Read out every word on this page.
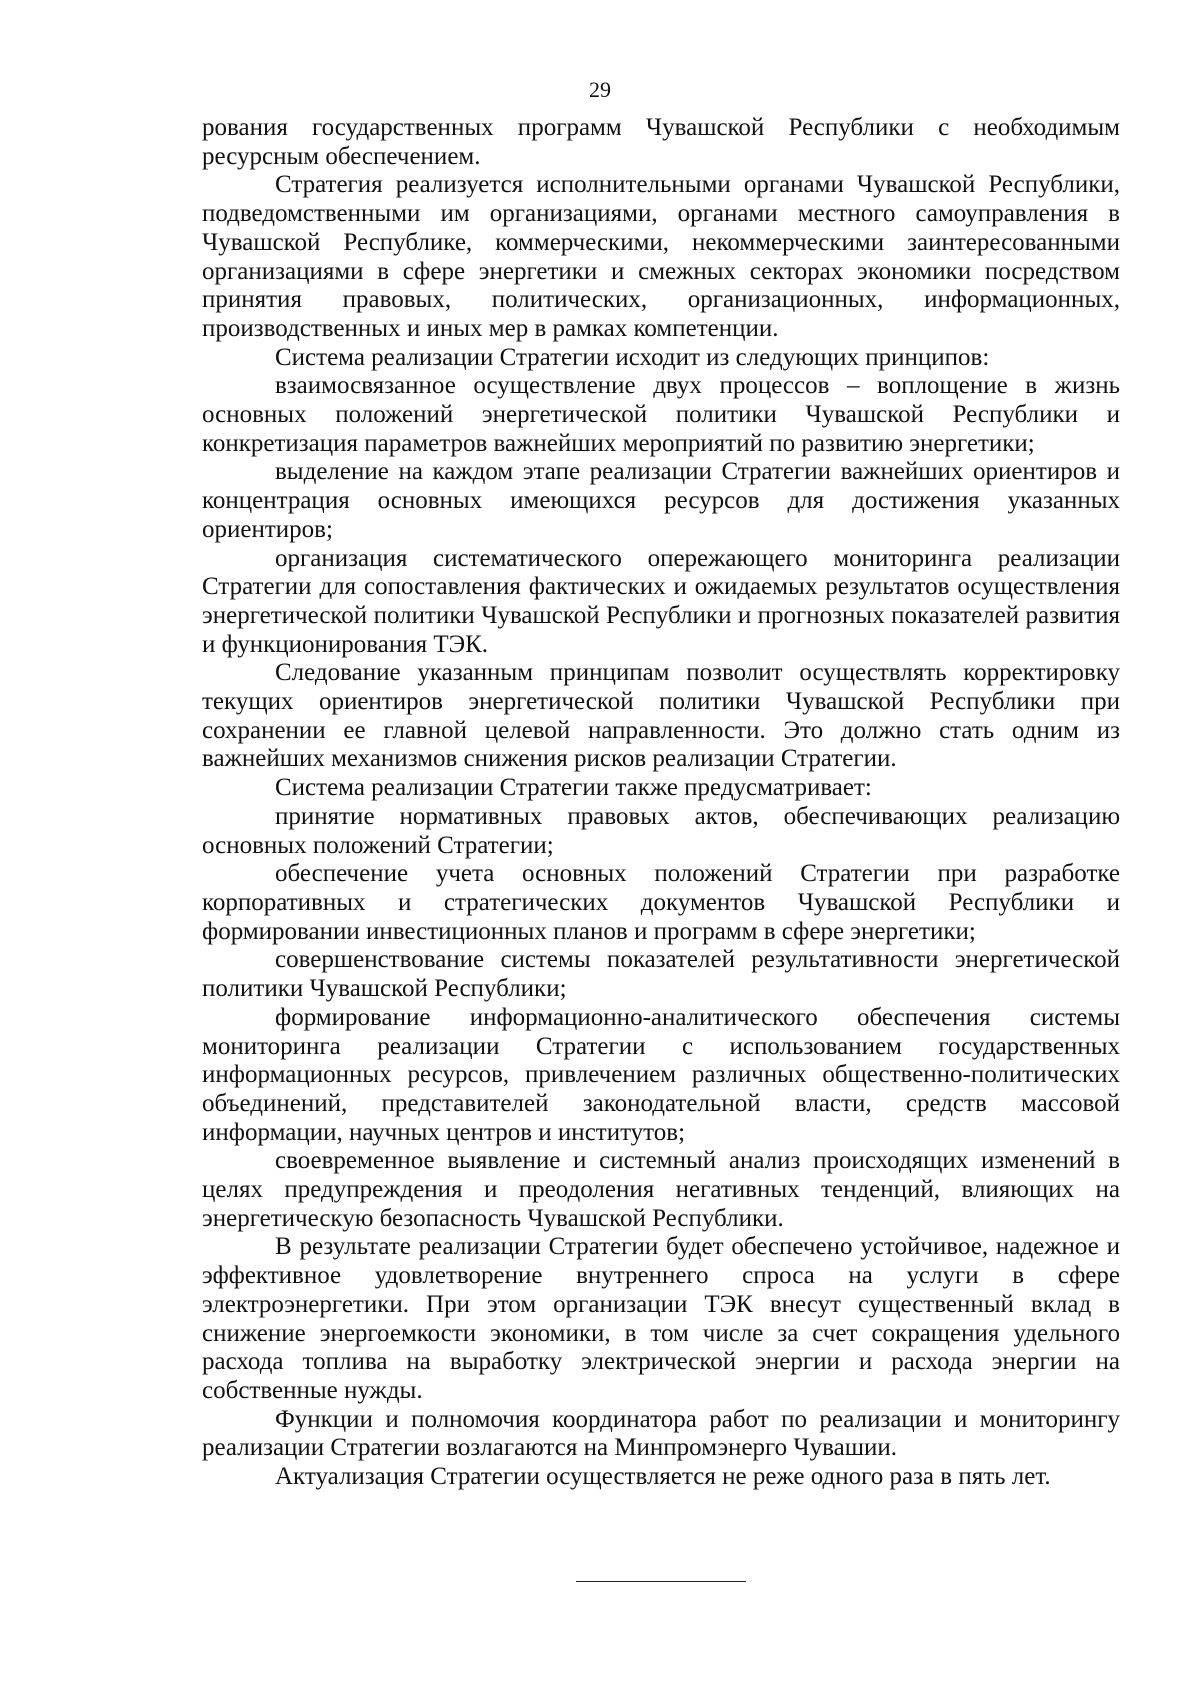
29

рования государственных программ Чувашской Республики с необходимым ресурсным обеспечением.

Стратегия реализуется исполнительными органами Чувашской Республики, подведомственными им организациями, органами местного самоуправления в Чувашской Республике, коммерческими, некоммерческими заинтересованными организациями в сфере энергетики и смежных секторах экономики посредством принятия правовых, политических, организационных, информационных, производственных и иных мер в рамках компетенции.

Система реализации Стратегии исходит из следующих принципов:

взаимосвязанное осуществление двух процессов – воплощение в жизнь основных положений энергетической политики Чувашской Республики и конкретизация параметров важнейших мероприятий по развитию энергетики;

выделение на каждом этапе реализации Стратегии важнейших ориентиров и концентрация основных имеющихся ресурсов для достижения указанных ориентиров;

организация систематического опережающего мониторинга реализации Стратегии для сопоставления фактических и ожидаемых результатов осуществления энергетической политики Чувашской Республики и прогнозных показателей развития и функционирования ТЭК.

Следование указанным принципам позволит осуществлять корректировку текущих ориентиров энергетической политики Чувашской Республики при сохранении ее главной целевой направленности. Это должно стать одним из важнейших механизмов снижения рисков реализации Стратегии.

Система реализации Стратегии также предусматривает:

принятие нормативных правовых актов, обеспечивающих реализацию основных положений Стратегии;

обеспечение учета основных положений Стратегии при разработке корпоративных и стратегических документов Чувашской Республики и формировании инвестиционных планов и программ в сфере энергетики;

совершенствование системы показателей результативности энергетической политики Чувашской Республики;

формирование информационно-аналитического обеспечения системы мониторинга реализации Стратегии с использованием государственных информационных ресурсов, привлечением различных общественно-политических объединений, представителей законодательной власти, средств массовой информации, научных центров и институтов;

своевременное выявление и системный анализ происходящих изменений в целях предупреждения и преодоления негативных тенденций, влияющих на энергетическую безопасность Чувашской Республики.

В результате реализации Стратегии будет обеспечено устойчивое, надежное и эффективное удовлетворение внутреннего спроса на услуги в сфере электроэнергетики. При этом организации ТЭК внесут существенный вклад в снижение энергоемкости экономики, в том числе за счет сокращения удельного расхода топлива на выработку электрической энергии и расхода энергии на собственные нужды.

Функции и полномочия координатора работ по реализации и мониторингу реализации Стратегии возлагаются на Минпромэнерго Чувашии.

Актуализация Стратегии осуществляется не реже одного раза в пять лет.
